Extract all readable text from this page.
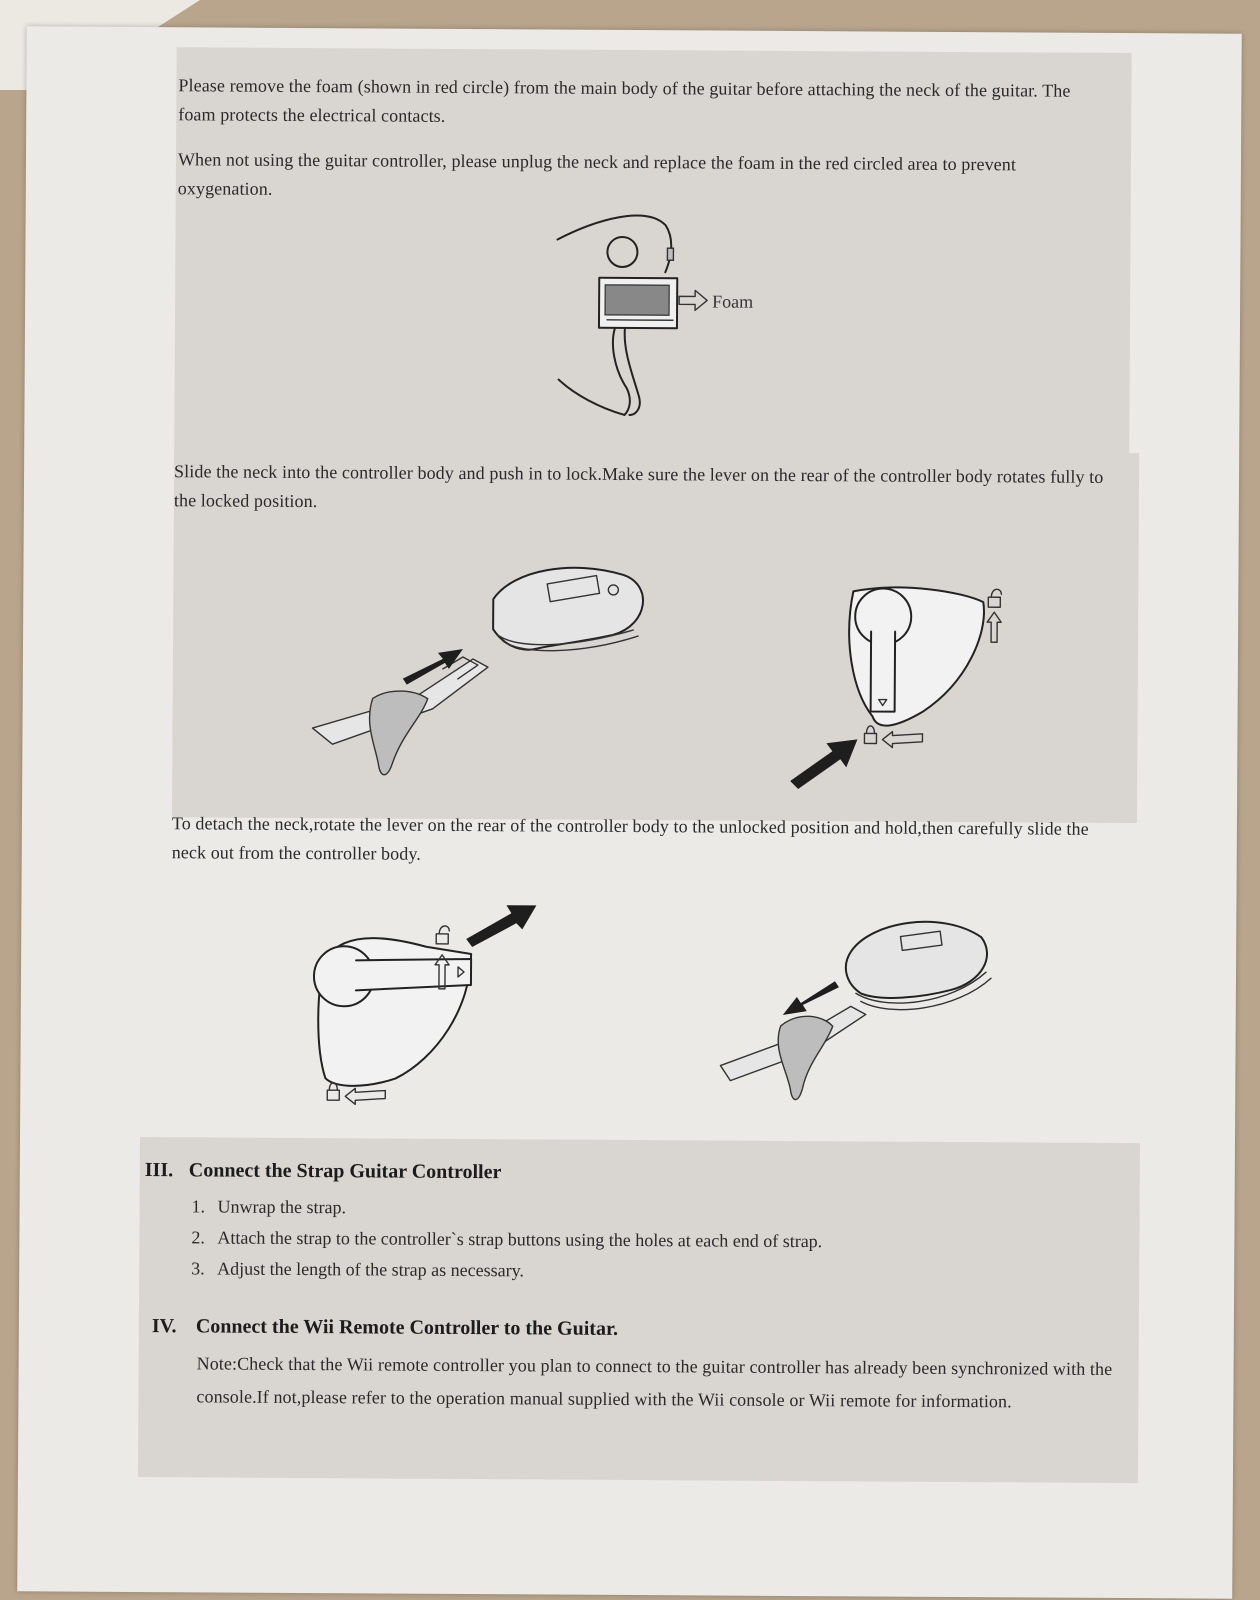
Please remove the foam (shown in red circle) from the main body of the guitar before attaching the neck of the guitar. The foam protects the electrical contacts.
When not using the guitar controller, please unplug the neck and replace the foam in the red circled area to prevent oxygenation.
Foam
Slide the neck into the controller body and push in to lock.Make sure the lever on the rear of the controller body rotates fully to the locked position.
To detach the neck,rotate the lever on the rear of the controller body to the unlocked position and hold,then carefully slide the neck out from the controller body.
III. Connect the Strap Guitar Controller
1. Unwrap the strap.
2. Attach the strap to the controller`s strap buttons using the holes at each end of strap.
3. Adjust the length of the strap as necessary.
IV. Connect the Wii Remote Controller to the Guitar.
Note:Check that the Wii remote controller you plan to connect to the guitar controller has already been synchronized with the console.If not,please refer to the operation manual supplied with the Wii console or Wii remote for information.
